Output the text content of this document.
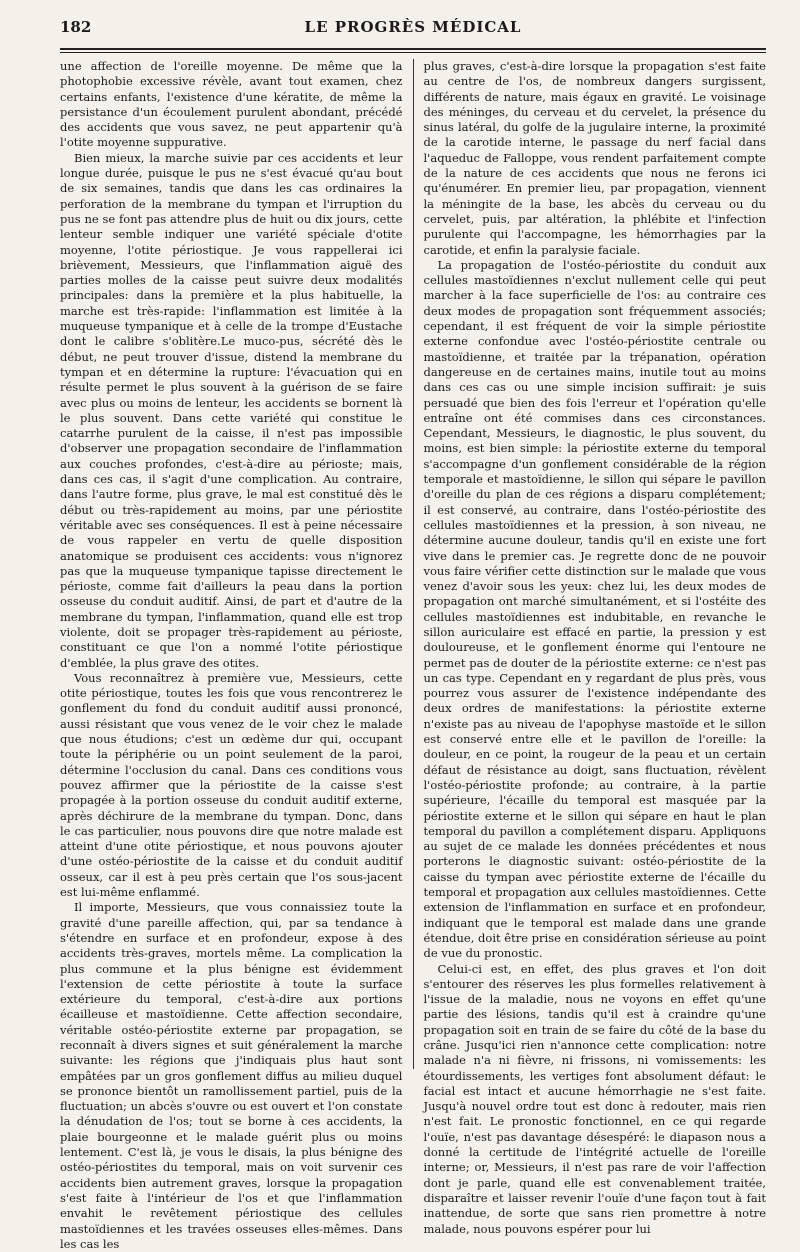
182	LE PROGRÈS MÉDICAL

une affection de l'oreille moyenne. De même que la photophobie excessive révèle, avant tout examen, chez certains enfants, l'existence d'une kératite, de même la persistance d'un écoulement purulent abondant, précédé des accidents que vous savez, ne peut appartenir qu'à l'otite moyenne suppurative.

Bien mieux, la marche suivie par ces accidents et leur longue durée, puisque le pus ne s'est évacué qu'au bout de six semaines, tandis que dans les cas ordinaires la perforation de la membrane du tympan et l'irruption du pus ne se font pas attendre plus de huit ou dix jours, cette lenteur semble indiquer une variété spéciale d'otite moyenne, l'otite périostique. Je vous rappellerai ici brièvement, Messieurs, que l'inflammation aiguë des parties molles de la caisse peut suivre deux modalités principales: dans la première et la plus habituelle, la marche est très-rapide: l'inflammation est limitée à la muqueuse tympanique et à celle de la trompe d'Eustache dont le calibre s'oblitère.Le muco-pus, sécrété dès le début, ne peut trouver d'issue, distend la membrane du tympan et en détermine la rupture: l'évacuation qui en résulte permet le plus souvent à la guérison de se faire avec plus ou moins de lenteur, les accidents se bornent là le plus souvent. Dans cette variété qui constitue le catarrhe purulent de la caisse, il n'est pas impossible d'observer une propagation secondaire de l'inflammation aux couches profondes, c'est-à-dire au périoste; mais, dans ces cas, il s'agit d'une complication. Au contraire, dans l'autre forme, plus grave, le mal est constitué dès le début ou très-rapidement au moins, par une périostite véritable avec ses conséquences. Il est à peine nécessaire de vous rappeler en vertu de quelle disposition anatomique se produisent ces accidents: vous n'ignorez pas que la muqueuse tympanique tapisse directement le périoste, comme fait d'ailleurs la peau dans la portion osseuse du conduit auditif. Ainsi, de part et d'autre de la membrane du tympan, l'inflammation, quand elle est trop violente, doit se propager très-rapidement au périoste, constituant ce que l'on a nommé l'otite périostique d'emblée, la plus grave des otites.

Vous reconnaîtrez à première vue, Messieurs, cette otite périostique, toutes les fois que vous rencontrerez le gonflement du fond du conduit auditif aussi prononcé, aussi résistant que vous venez de le voir chez le malade que nous étudions; c'est un œdème dur qui, occupant toute la périphérie ou un point seulement de la paroi, détermine l'occlusion du canal. Dans ces conditions vous pouvez affirmer que la périostite de la caisse s'est propagée à la portion osseuse du conduit auditif externe, après déchirure de la membrane du tympan. Donc, dans le cas particulier, nous pouvons dire que notre malade est atteint d'une otite périostique, et nous pouvons ajouter d'une ostéo-périostite de la caisse et du conduit auditif osseux, car il est à peu près certain que l'os sous-jacent est lui-même enflammé.

Il importe, Messieurs, que vous connaissiez toute la gravité d'une pareille affection, qui, par sa tendance à s'étendre en surface et en profondeur, expose à des accidents très-graves, mortels même. La complication la plus commune et la plus bénigne est évidemment l'extension de cette périostite à toute la surface extérieure du temporal, c'est-à-dire aux portions écailleuse et mastoïdienne. Cette affection secondaire, véritable ostéo-périostite externe par propagation, se reconnaît à divers signes et suit généralement la marche suivante: les régions que j'indiquais plus haut sont empâtées par un gros gonflement diffus au milieu duquel se prononce bientôt un ramollissement partiel, puis de la fluctuation; un abcès s'ouvre ou est ouvert et l'on constate la dénudation de l'os; tout se borne à ces accidents, la plaie bourgeonne et le malade guérit plus ou moins lentement. C'est là, je vous le disais, la plus bénigne des ostéo-périostites du temporal, mais on voit survenir ces accidents bien autrement graves, lorsque la propagation s'est faite à l'intérieur de l'os et que l'inflammation envahit le revêtement périostique des cellules mastoïdiennes et les travées osseuses elles-mêmes. Dans les cas les

plus graves, c'est-à-dire lorsque la propagation s'est faite au centre de l'os, de nombreux dangers surgissent, différents de nature, mais égaux en gravité. Le voisinage des méninges, du cerveau et du cervelet, la présence du sinus latéral, du golfe de la jugulaire interne, la proximité de la carotide interne, le passage du nerf facial dans l'aqueduc de Falloppe, vous rendent parfaitement compte de la nature de ces accidents que nous ne ferons ici qu'énumérer. En premier lieu, par propagation, viennent la méningite de la base, les abcès du cerveau ou du cervelet, puis, par altération, la phlébite et l'infection purulente qui l'accompagne, les hémorrhagies par la carotide, et enfin la paralysie faciale.

La propagation de l'ostéo-périostite du conduit aux cellules mastoïdiennes n'exclut nullement celle qui peut marcher à la face superficielle de l'os: au contraire ces deux modes de propagation sont fréquemment associés; cependant, il est fréquent de voir la simple périostite externe confondue avec l'ostéo-périostite centrale ou mastoïdienne, et traitée par la trépanation, opération dangereuse en de certaines mains, inutile tout au moins dans ces cas ou une simple incision suffirait: je suis persuadé que bien des fois l'erreur et l'opération qu'elle entraîne ont été commises dans ces circonstances. Cependant, Messieurs, le diagnostic, le plus souvent, du moins, est bien simple: la périostite externe du temporal s'accompagne d'un gonflement considérable de la région temporale et mastoïdienne, le sillon qui sépare le pavillon d'oreille du plan de ces régions a disparu complétement; il est conservé, au contraire, dans l'ostéo-périostite des cellules mastoïdiennes et la pression, à son niveau, ne détermine aucune douleur, tandis qu'il en existe une fort vive dans le premier cas. Je regrette donc de ne pouvoir vous faire vérifier cette distinction sur le malade que vous venez d'avoir sous les yeux: chez lui, les deux modes de propagation ont marché simultanément, et si l'ostéite des cellules mastoïdiennes est indubitable, en revanche le sillon auriculaire est effacé en partie, la pression y est douloureuse, et le gonflement énorme qui l'entoure ne permet pas de douter de la périostite externe: ce n'est pas un cas type. Cependant en y regardant de plus près, vous pourrez vous assurer de l'existence indépendante des deux ordres de manifestations: la périostite externe n'existe pas au niveau de l'apophyse mastoïde et le sillon est conservé entre elle et le pavillon de l'oreille: la douleur, en ce point, la rougeur de la peau et un certain défaut de résistance au doigt, sans fluctuation, révèlent l'ostéo-périostite profonde; au contraire, à la partie supérieure, l'écaille du temporal est masquée par la périostite externe et le sillon qui sépare en haut le plan temporal du pavillon a complétement disparu. Appliquons au sujet de ce malade les données précédentes et nous porterons le diagnostic suivant: ostéo-périostite de la caisse du tympan avec périostite externe de l'écaille du temporal et propagation aux cellules mastoïdiennes. Cette extension de l'inflammation en surface et en profondeur, indiquant que le temporal est malade dans une grande étendue, doit être prise en considération sérieuse au point de vue du pronostic.

Celui-ci est, en effet, des plus graves et l'on doit s'entourer des réserves les plus formelles relativement à l'issue de la maladie, nous ne voyons en effet qu'une partie des lésions, tandis qu'il est à craindre qu'une propagation soit en train de se faire du côté de la base du crâne. Jusqu'ici rien n'annonce cette complication: notre malade n'a ni fièvre, ni frissons, ni vomissements: les étourdissements, les vertiges font absolument défaut: le facial est intact et aucune hémorrhagie ne s'est faite. Jusqu'à nouvel ordre tout est donc à redouter, mais rien n'est fait. Le pronostic fonctionnel, en ce qui regarde l'ouïe, n'est pas davantage désespéré: le diapason nous a donné la certitude de l'intégrité actuelle de l'oreille interne; or, Messieurs, il n'est pas rare de voir l'affection dont je parle, quand elle est convenablement traitée, disparaître et laisser revenir l'ouïe d'une façon tout à fait inattendue, de sorte que sans rien promettre à notre malade, nous pouvons espérer pour lui
